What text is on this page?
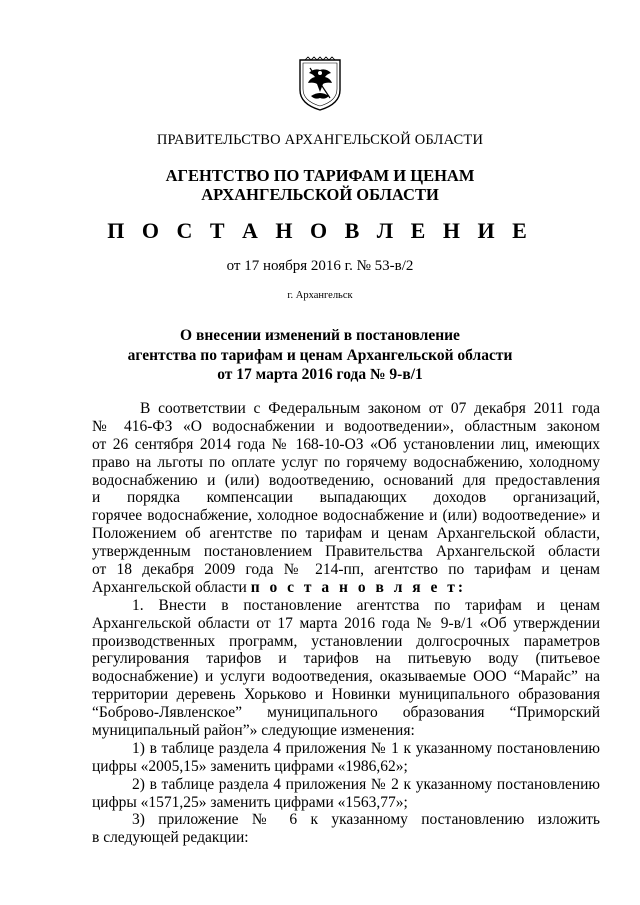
ПРАВИТЕЛЬСТВО АРХАНГЕЛЬСКОЙ ОБЛАСТИ
АГЕНТСТВО ПО ТАРИФАМ И ЦЕНАМ
АРХАНГЕЛЬСКОЙ ОБЛАСТИ
П О С Т А Н О В Л Е Н И Е
от 17 ноября 2016 г. № 53-в/2
г. Архангельск
О внесении изменений в постановление
агентства по тарифам и ценам Архангельской области
от 17 марта 2016 года № 9-в/1
В соответствии с Федеральным законом от 07 декабря 2011 года
№ 416-ФЗ «О водоснабжении и водоотведении», областным законом
от 26 сентября 2014 года № 168-10-ОЗ «Об установлении лиц, имеющих
право на льготы по оплате услуг по горячему водоснабжению, холодному
водоснабжению и (или) водоотведению, оснований для предоставления
и порядка компенсации выпадающих доходов организаций,
горячее водоснабжение, холодное водоснабжение и (или) водоотведение» и
Положением об агентстве по тарифам и ценам Архангельской области,
утвержденным постановлением Правительства Архангельской области
от 18 декабря 2009 года № 214-пп, агентство по тарифам и ценам
Архангельской области п о с т а н о в л я е т:
1. Внести в постановление агентства по тарифам и ценам
Архангельской области от 17 марта 2016 года № 9-в/1 «Об утверждении
производственных программ, установлении долгосрочных параметров
регулирования тарифов и тарифов на питьевую воду (питьевое
водоснабжение) и услуги водоотведения, оказываемые ООО “Марайс” на
территории деревень Хорьково и Новинки муниципального образования
“Боброво-Лявленское” муниципального образования “Приморский
муниципальный район”» следующие изменения:
1) в таблице раздела 4 приложения № 1 к указанному постановлению
цифры «2005,15» заменить цифрами «1986,62»;
2) в таблице раздела 4 приложения № 2 к указанному постановлению
цифры «1571,25» заменить цифрами «1563,77»;
3) приложение № 6 к указанному постановлению изложить
в следующей редакции:
